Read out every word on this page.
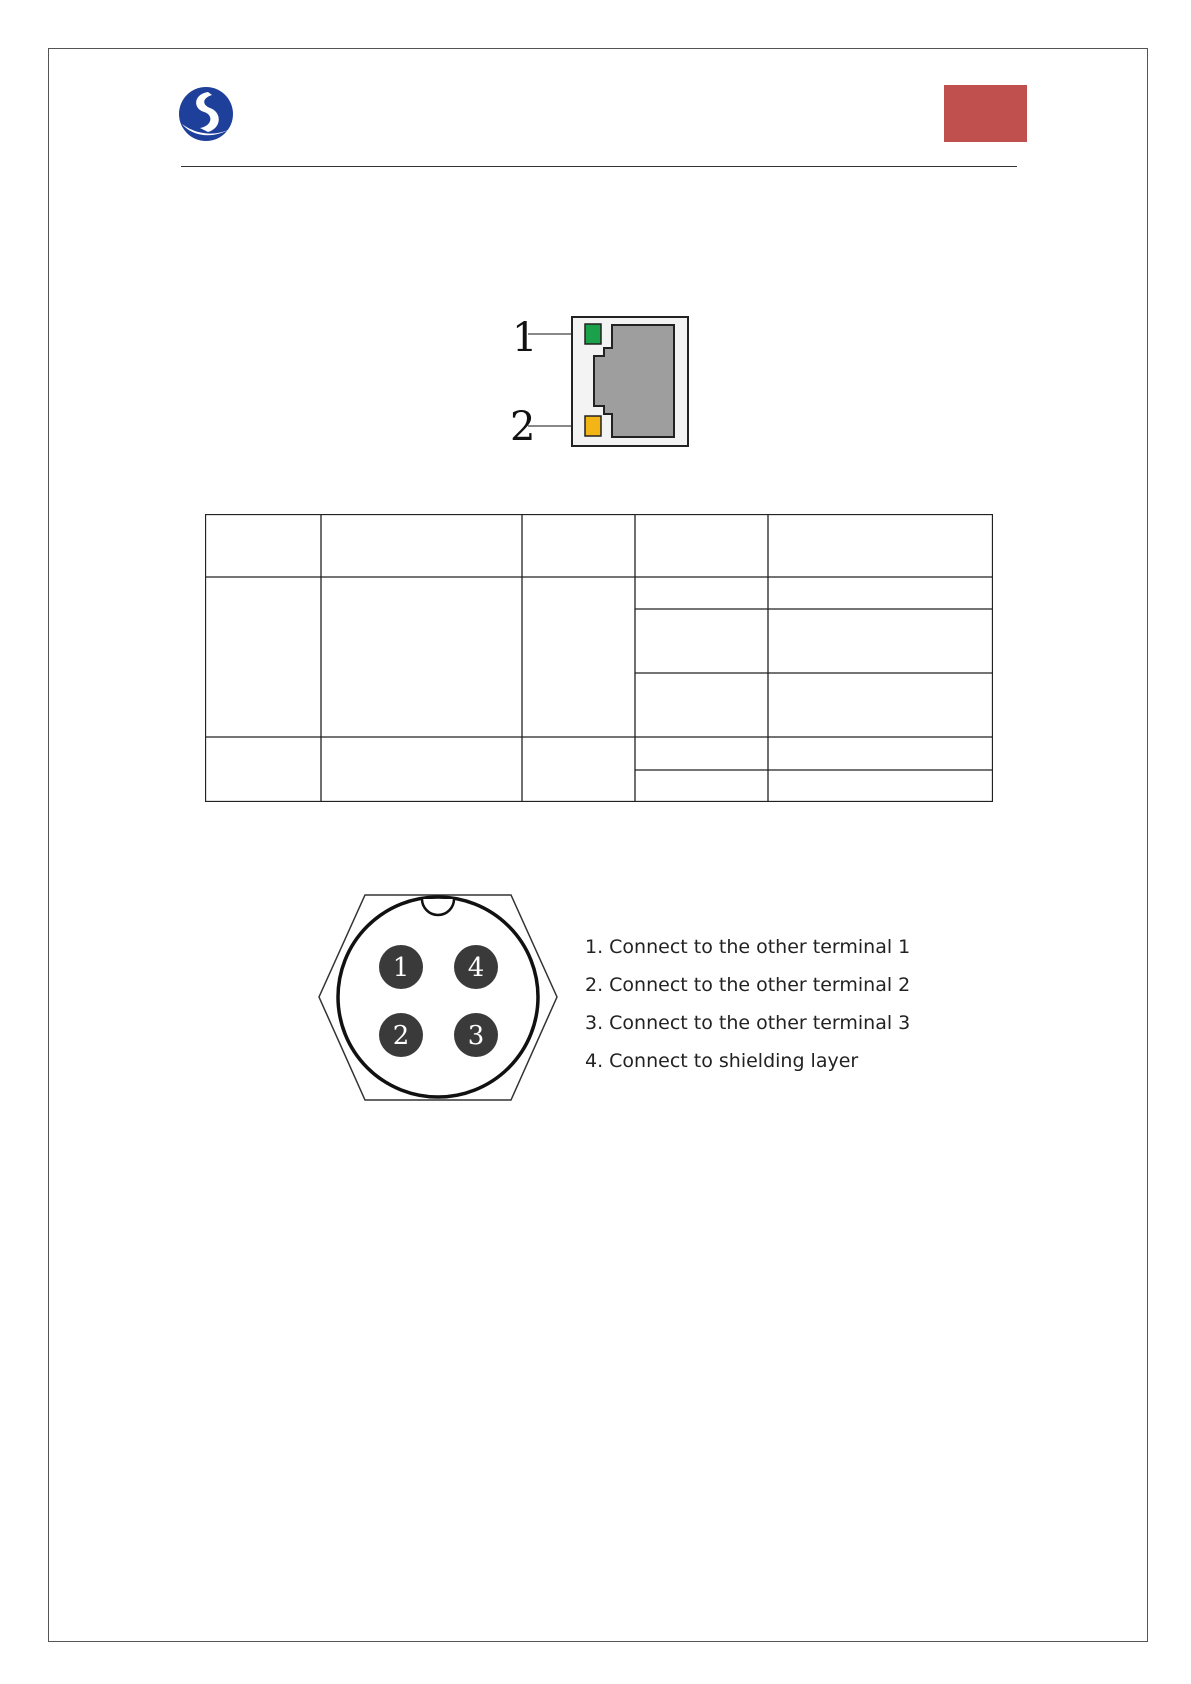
1
2
1 4
2 3
1. Connect to the other terminal 1
2. Connect to the other terminal 2
3. Connect to the other terminal 3
4. Connect to shielding layer
